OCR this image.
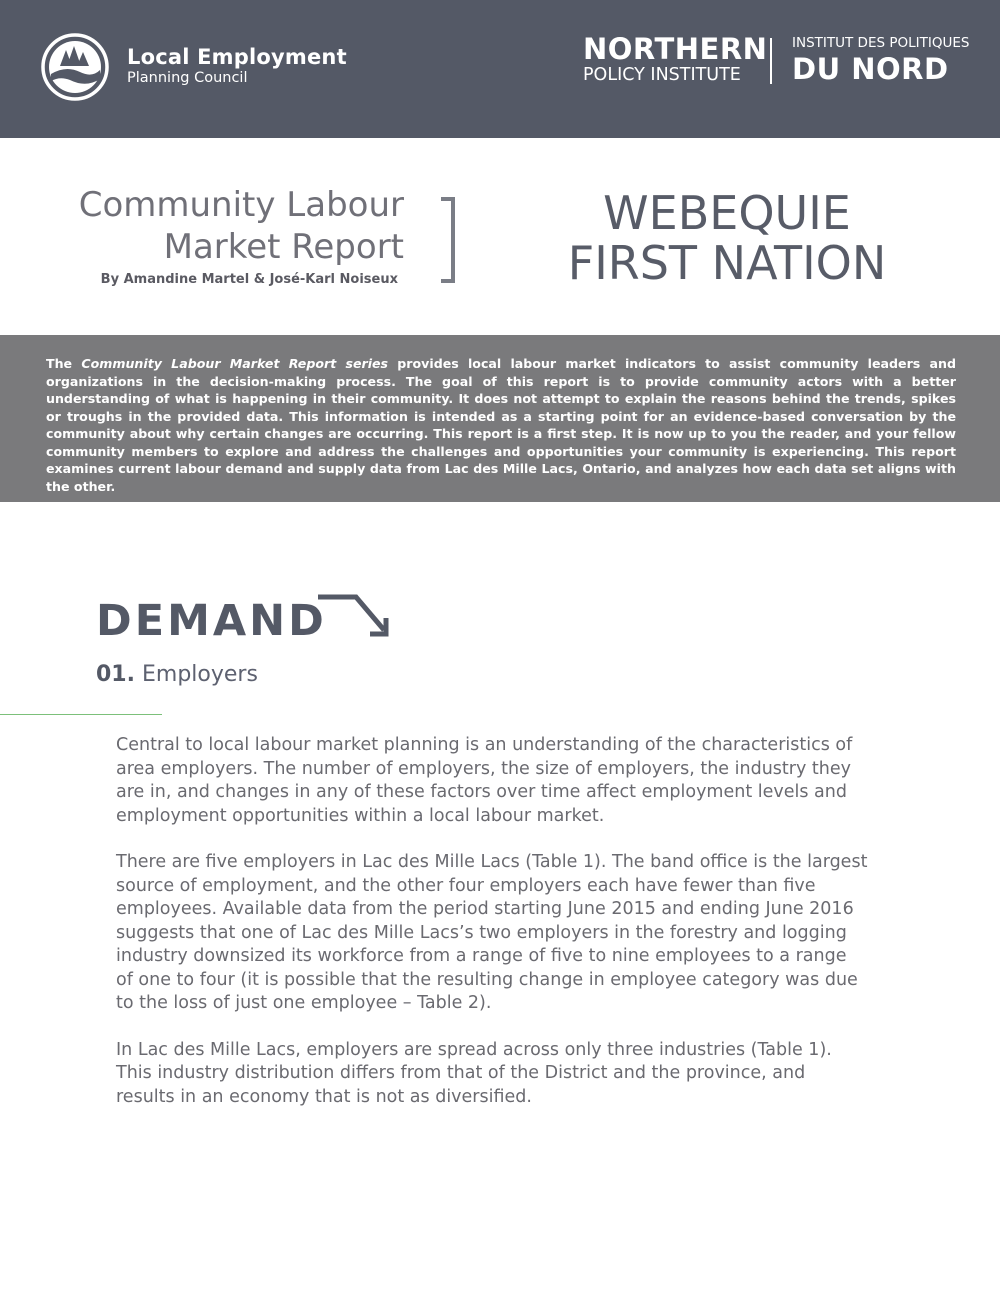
Local Employment
Planning Council
NORTHERN
POLICY INSTITUTE
INSTITUT DES POLITIQUES
DU NORD
Community Labour
Market Report
By Amandine Martel & José-Karl Noiseux
WEBEQUIE
FIRST NATION

The Community Labour Market Report series provides local labour market indicators to assist community leaders and organizations in the decision-making process. The goal of this report is to provide community actors with a better understanding of what is happening in their community. It does not attempt to explain the reasons behind the trends, spikes or troughs in the provided data. This information is intended as a starting point for an evidence-based conversation by the community about why certain changes are occurring. This report is a first step. It is now up to you the reader, and your fellow community members to explore and address the challenges and opportunities your community is experiencing. This report examines current labour demand and supply data from Lac des Mille Lacs, Ontario, and analyzes how each data set aligns with the other.

DEMAND
01. Employers

Central to local labour market planning is an understanding of the characteristics of area employers. The number of employers, the size of employers, the industry they are in, and changes in any of these factors over time affect employment levels and employment opportunities within a local labour market.

There are five employers in Lac des Mille Lacs (Table 1). The band office is the largest source of employment, and the other four employers each have fewer than five employees. Available data from the period starting June 2015 and ending June 2016 suggests that one of Lac des Mille Lacs’s two employers in the forestry and logging industry downsized its workforce from a range of five to nine employees to a range of one to four (it is possible that the resulting change in employee category was due to the loss of just one employee – Table 2).

In Lac des Mille Lacs, employers are spread across only three industries (Table 1). This industry distribution differs from that of the District and the province, and results in an economy that is not as diversified.
